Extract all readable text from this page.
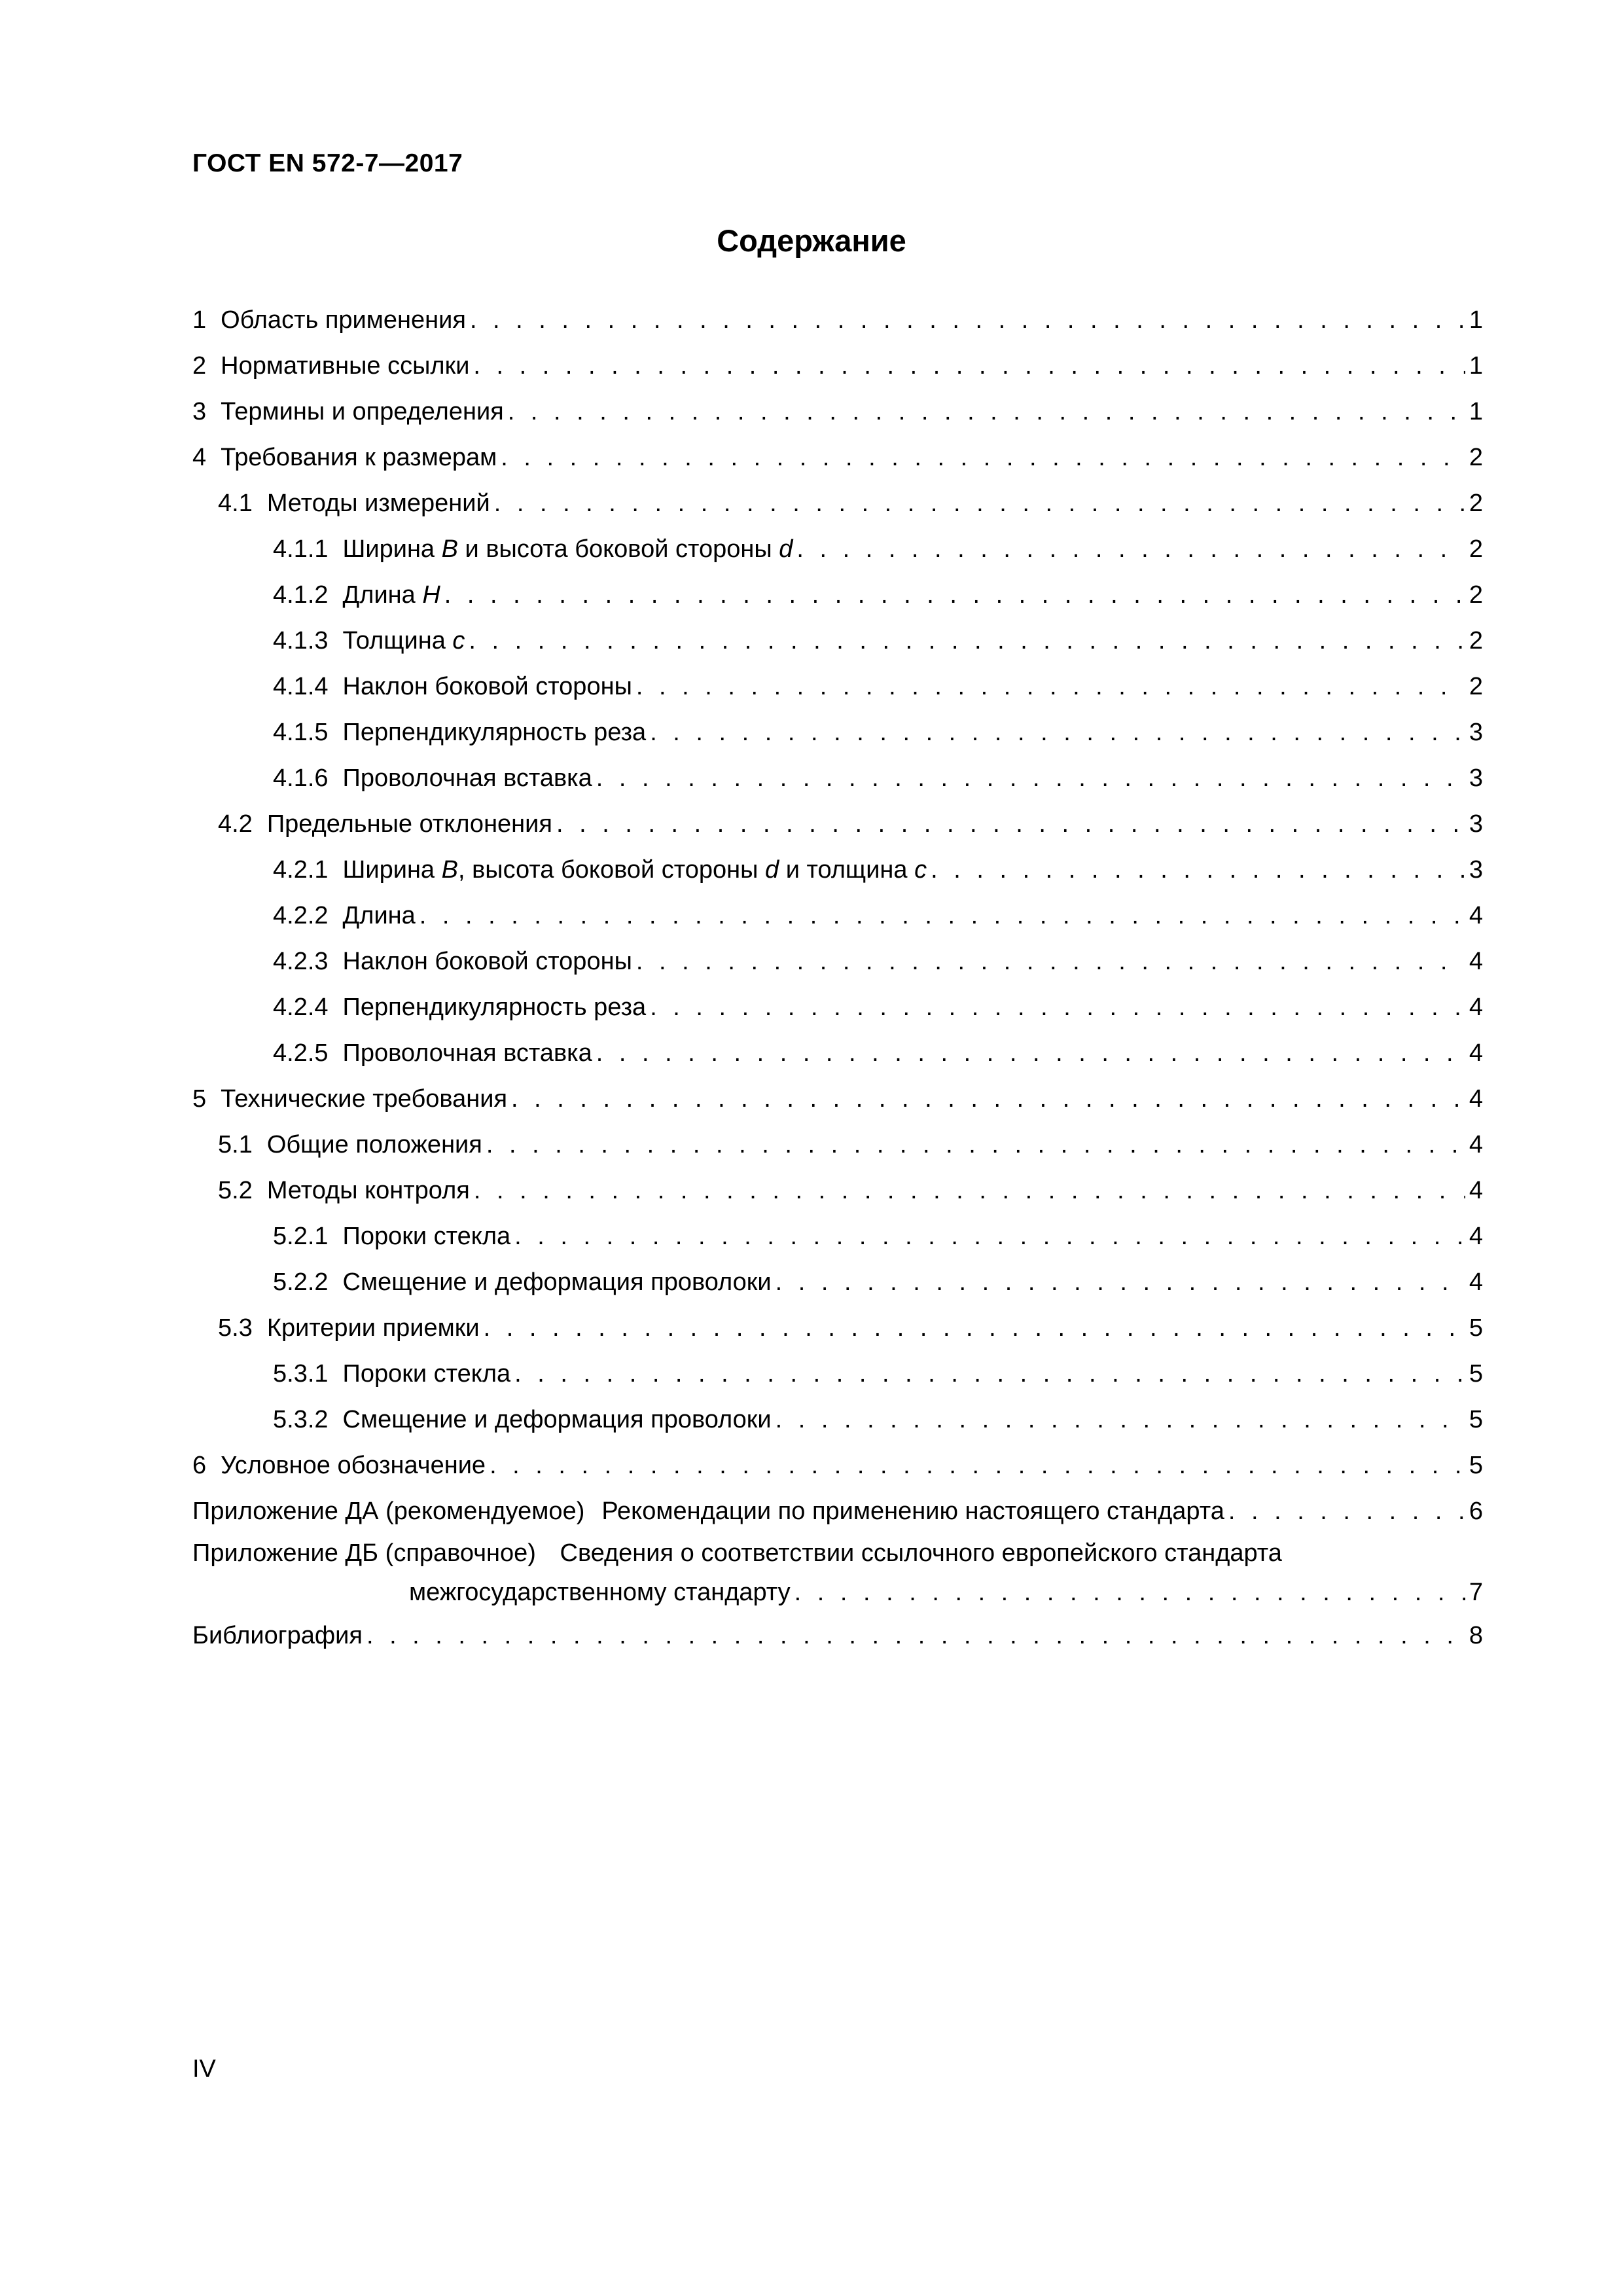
ГОСТ EN 572-7—2017
Содержание
1 Область применения . . .	1
2 Нормативные ссылки . . .	1
3 Термины и определения . . .	1
4 Требования к размерам . . .	2
4.1 Методы измерений . . .	2
4.1.1 Ширина B и высота боковой стороны d . . .	2
4.1.2 Длина H . . .	2
4.1.3 Толщина c . . .	2
4.1.4 Наклон боковой стороны . . .	2
4.1.5 Перпендикулярность реза . . .	3
4.1.6 Проволочная вставка . . .	3
4.2 Предельные отклонения . . .	3
4.2.1 Ширина B, высота боковой стороны d и толщина c . . .	3
4.2.2 Длина . . .	4
4.2.3 Наклон боковой стороны . . .	4
4.2.4 Перпендикулярность реза . . .	4
4.2.5 Проволочная вставка . . .	4
5 Технические требования . . .	4
5.1 Общие положения . . .	4
5.2 Методы контроля . . .	4
5.2.1 Пороки стекла . . .	4
5.2.2 Смещение и деформация проволоки . . .	4
5.3 Критерии приемки . . .	5
5.3.1 Пороки стекла . . .	5
5.3.2 Смещение и деформация проволоки . . .	5
6 Условное обозначение . . .	5
Приложение ДА (рекомендуемое) Рекомендации по применению настоящего стандарта . . .	6
Приложение ДБ (справочное) Сведения о соответствии ссылочного европейского стандарта
межгосударственному стандарту . . .	7
Библиография . . .	8
IV
